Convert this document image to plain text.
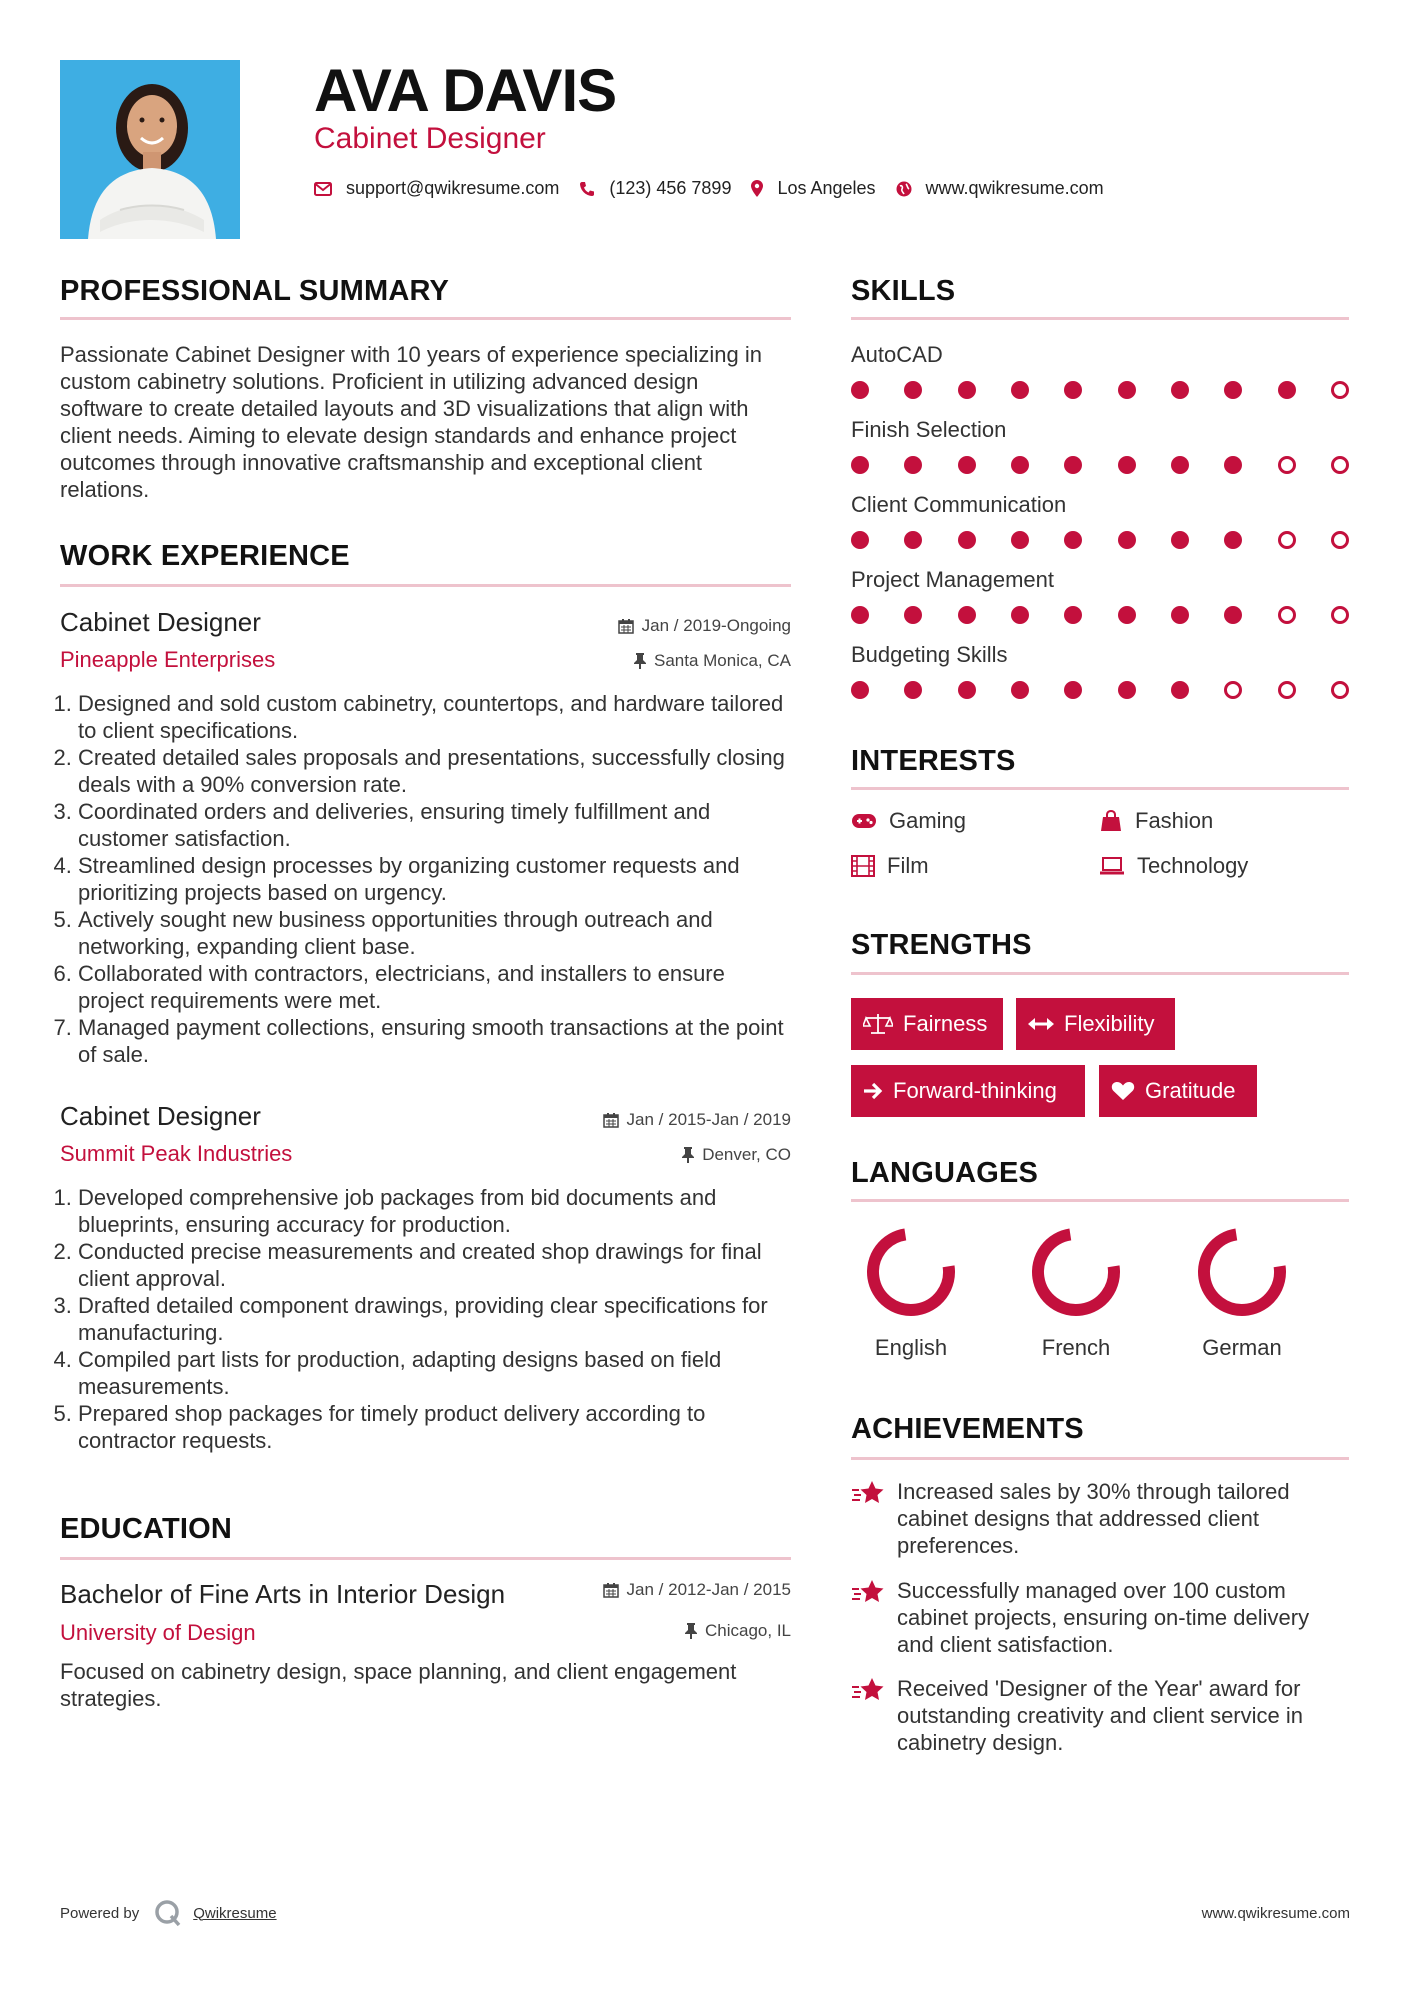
AVA DAVIS
Cabinet Designer
support@qwikresume.com	(123) 456 7899	Los Angeles	www.qwikresume.com
PROFESSIONAL SUMMARY
Passionate Cabinet Designer with 10 years of experience specializing in custom cabinetry solutions. Proficient in utilizing advanced design software to create detailed layouts and 3D visualizations that align with client needs. Aiming to elevate design standards and enhance project outcomes through innovative craftsmanship and exceptional client relations.
WORK EXPERIENCE
Cabinet Designer	Jan / 2019-Ongoing
Pineapple Enterprises	Santa Monica, CA
1. Designed and sold custom cabinetry, countertops, and hardware tailored to client specifications.
2. Created detailed sales proposals and presentations, successfully closing deals with a 90% conversion rate.
3. Coordinated orders and deliveries, ensuring timely fulfillment and customer satisfaction.
4. Streamlined design processes by organizing customer requests and prioritizing projects based on urgency.
5. Actively sought new business opportunities through outreach and networking, expanding client base.
6. Collaborated with contractors, electricians, and installers to ensure project requirements were met.
7. Managed payment collections, ensuring smooth transactions at the point of sale.
Cabinet Designer	Jan / 2015-Jan / 2019
Summit Peak Industries	Denver, CO
1. Developed comprehensive job packages from bid documents and blueprints, ensuring accuracy for production.
2. Conducted precise measurements and created shop drawings for final client approval.
3. Drafted detailed component drawings, providing clear specifications for manufacturing.
4. Compiled part lists for production, adapting designs based on field measurements.
5. Prepared shop packages for timely product delivery according to contractor requests.
EDUCATION
Bachelor of Fine Arts in Interior Design	Jan / 2012-Jan / 2015
University of Design	Chicago, IL
Focused on cabinetry design, space planning, and client engagement strategies.
SKILLS
AutoCAD
Finish Selection
Client Communication
Project Management
Budgeting Skills
INTERESTS
Gaming	Fashion
Film	Technology
STRENGTHS
Fairness	Flexibility
Forward-thinking	Gratitude
LANGUAGES
English	French	German
ACHIEVEMENTS
Increased sales by 30% through tailored cabinet designs that addressed client preferences.
Successfully managed over 100 custom cabinet projects, ensuring on-time delivery and client satisfaction.
Received 'Designer of the Year' award for outstanding creativity and client service in cabinetry design.
Powered by	Qwikresume	www.qwikresume.com
